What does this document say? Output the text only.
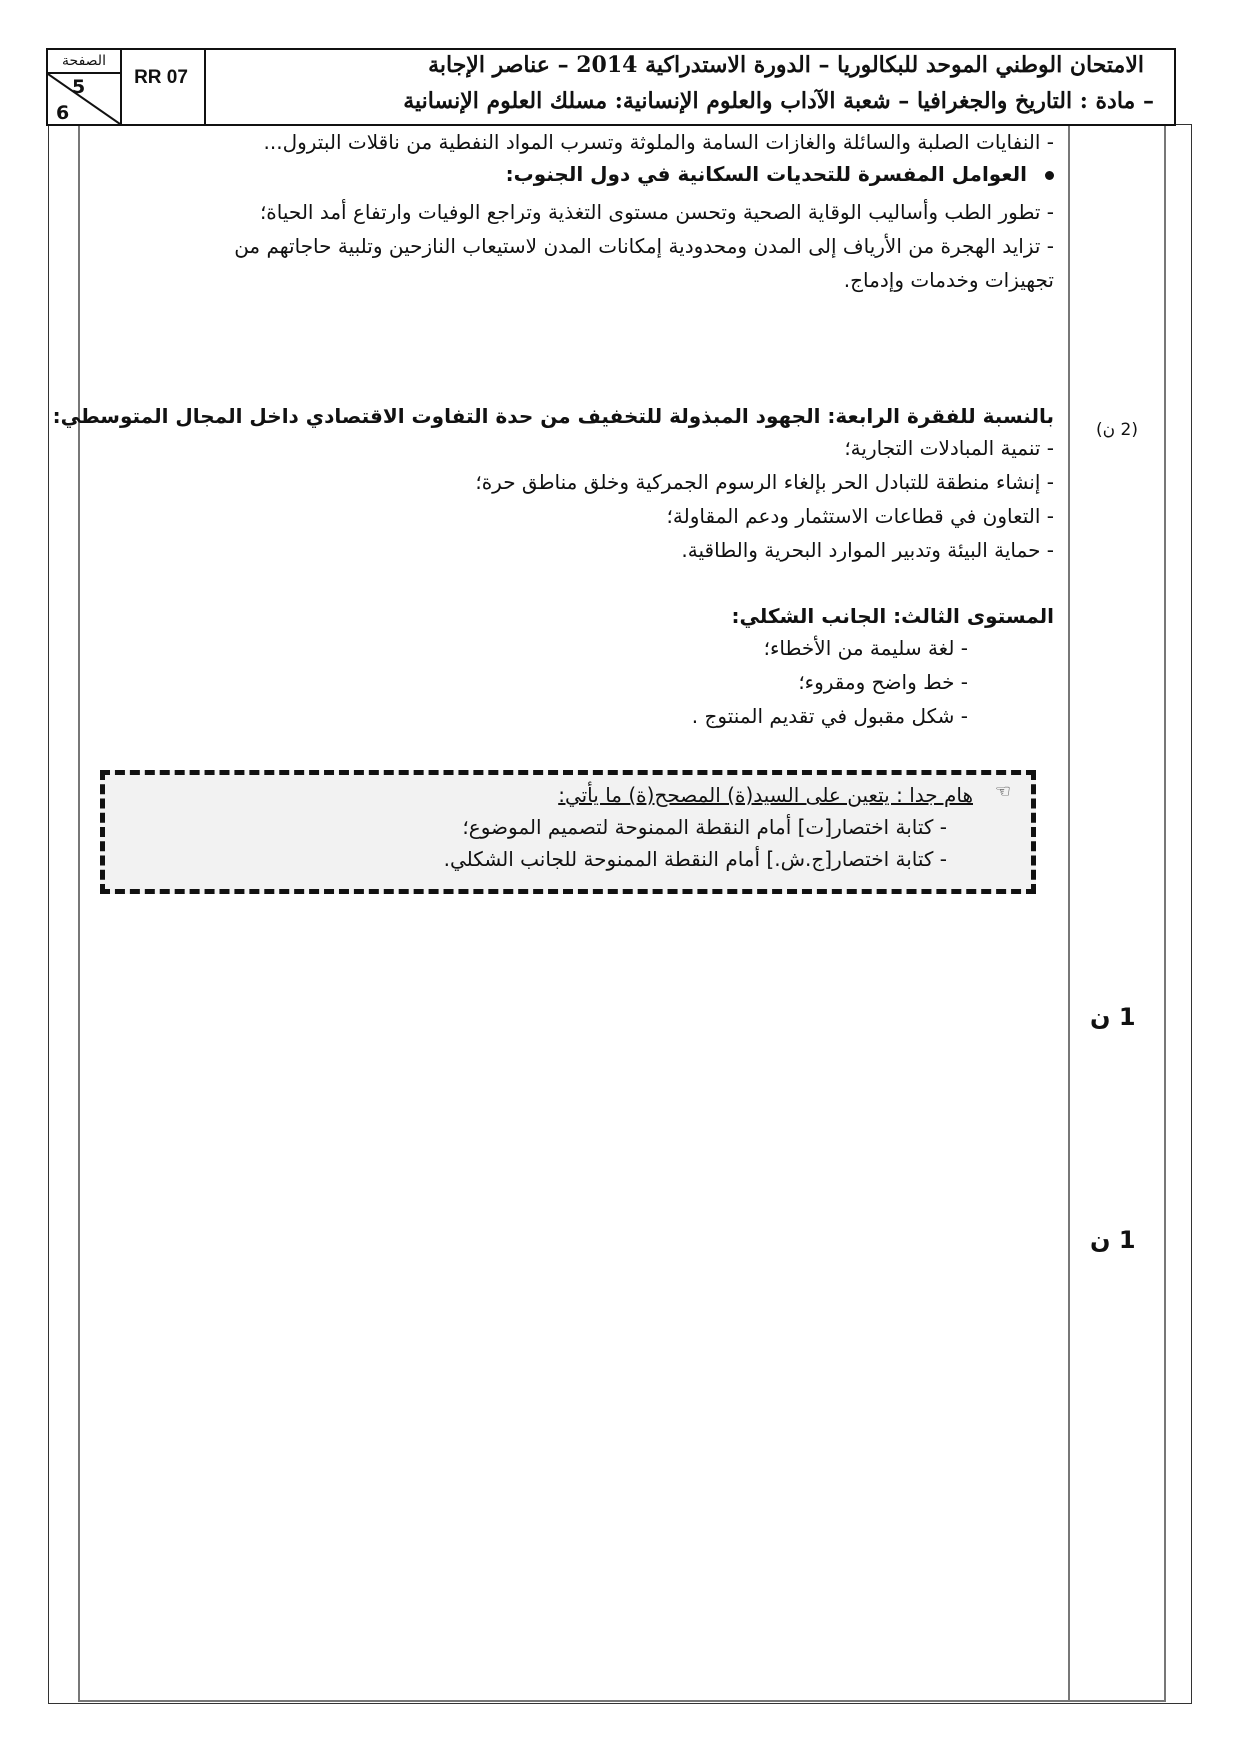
الصفحة
5
6
RR 07	الامتحان الوطني الموحد للبكالوريا – الدورة الاستدراكية 2014 – عناصر الإجابة
– مادة : التاريخ والجغرافيا – شعبة الآداب والعلوم الإنسانية: مسلك العلوم الإنسانية
- النفايات الصلبة والسائلة والغازات السامة والملوثة وتسرب المواد النفطية من ناقلات البترول...
العوامل المفسرة للتحديات السكانية في دول الجنوب:
- تطور الطب وأساليب الوقاية الصحية وتحسن مستوى التغذية وتراجع الوفيات وارتفاع أمد الحياة؛
- تزايد الهجرة من الأرياف إلى المدن ومحدودية إمكانات المدن لاستيعاب النازحين وتلبية حاجاتهم من
تجهيزات وخدمات وإدماج.
(2 ن)
بالنسبة للفقرة الرابعة: الجهود المبذولة للتخفيف من حدة التفاوت الاقتصادي داخل المجال المتوسطي:
- تنمية المبادلات التجارية؛
- إنشاء منطقة للتبادل الحر بإلغاء الرسوم الجمركية وخلق مناطق حرة؛
- التعاون في قطاعات الاستثمار ودعم المقاولة؛
- حماية البيئة وتدبير الموارد البحرية والطاقية.
المستوى الثالث: الجانب الشكلي:
- لغة سليمة من الأخطاء؛
- خط واضح ومقروء؛
- شكل مقبول في تقديم المنتوج .
☜
هام جدا : يتعين على السيد(ة) المصحح(ة) ما يأتي:
- كتابة اختصار[ت] أمام النقطة الممنوحة لتصميم الموضوع؛
- كتابة اختصار[ج.ش.] أمام النقطة الممنوحة للجانب الشكلي.
1 ن
1 ن
